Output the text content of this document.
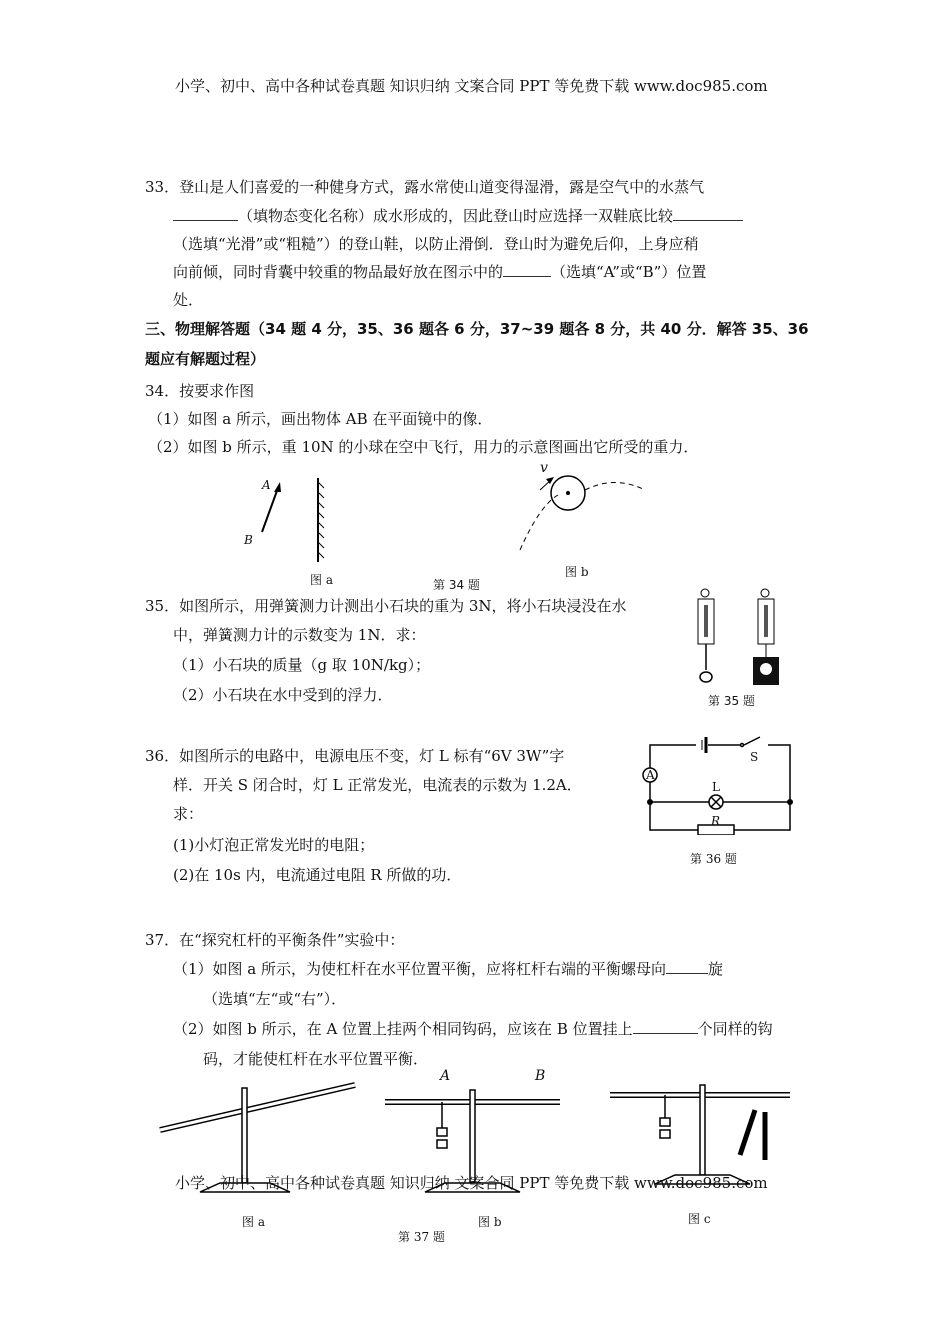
小学、初中、高中各种试卷真题 知识归纳 文案合同 PPT 等免费下载 www.doc985.com
33．登山是人们喜爱的一种健身方式，露水常使山道变得湿滑，露是空气中的水蒸气
（填物态变化名称）成水形成的，因此登山时应选择一双鞋底比较
（选填“光滑”或“粗糙”）的登山鞋，以防止滑倒．登山时为避免后仰，上身应稍
向前倾，同时背囊中较重的物品最好放在图示中的	（选填“A”或“B”）位置
处．
三、物理解答题（34 题 4 分，35、36 题各 6 分，37~39 题各 8 分，共 40 分．解答 35、36
题应有解题过程）
34．按要求作图
（1）如图 a 所示，画出物体 AB 在平面镜中的像．
（2）如图 b 所示，重 10N 的小球在空中飞行，用力的示意图画出它所受的重力．
A
B
v
图 a	第 34 题
图 b
35．如图所示，用弹簧测力计测出小石块的重为 3N，将小石块浸没在水
中，弹簧测力计的示数变为 1N．求：
（1）小石块的质量（g 取 10N/kg）；
（2）小石块在水中受到的浮力．	第 35 题
36．如图所示的电路中，电源电压不变，灯 L 标有“6V 3W”字
样．开关 S 闭合时，灯 L 正常发光，电流表的示数为 1.2A．
求：
(1)小灯泡正常发光时的电阻；
(2)在 10s 内，电流通过电阻 R 所做的功．
A
S
L
R
第 36 题
37．在“探究杠杆的平衡条件”实验中：
（1）如图 a 所示，为使杠杆在水平位置平衡，应将杠杆右端的平衡螺母向	旋
（选填“左“或“右”）．
（2）如图 b 所示，在 A 位置上挂两个相同钩码，应该在 B 位置挂上	个同样的钩
码，才能使杠杆在水平位置平衡．
A	B
小学、初中、高中各种试卷真题 知识归纳 文案合同 PPT 等免费下载 www.doc985.com
图 a	图 b	图 c
第 37 题
